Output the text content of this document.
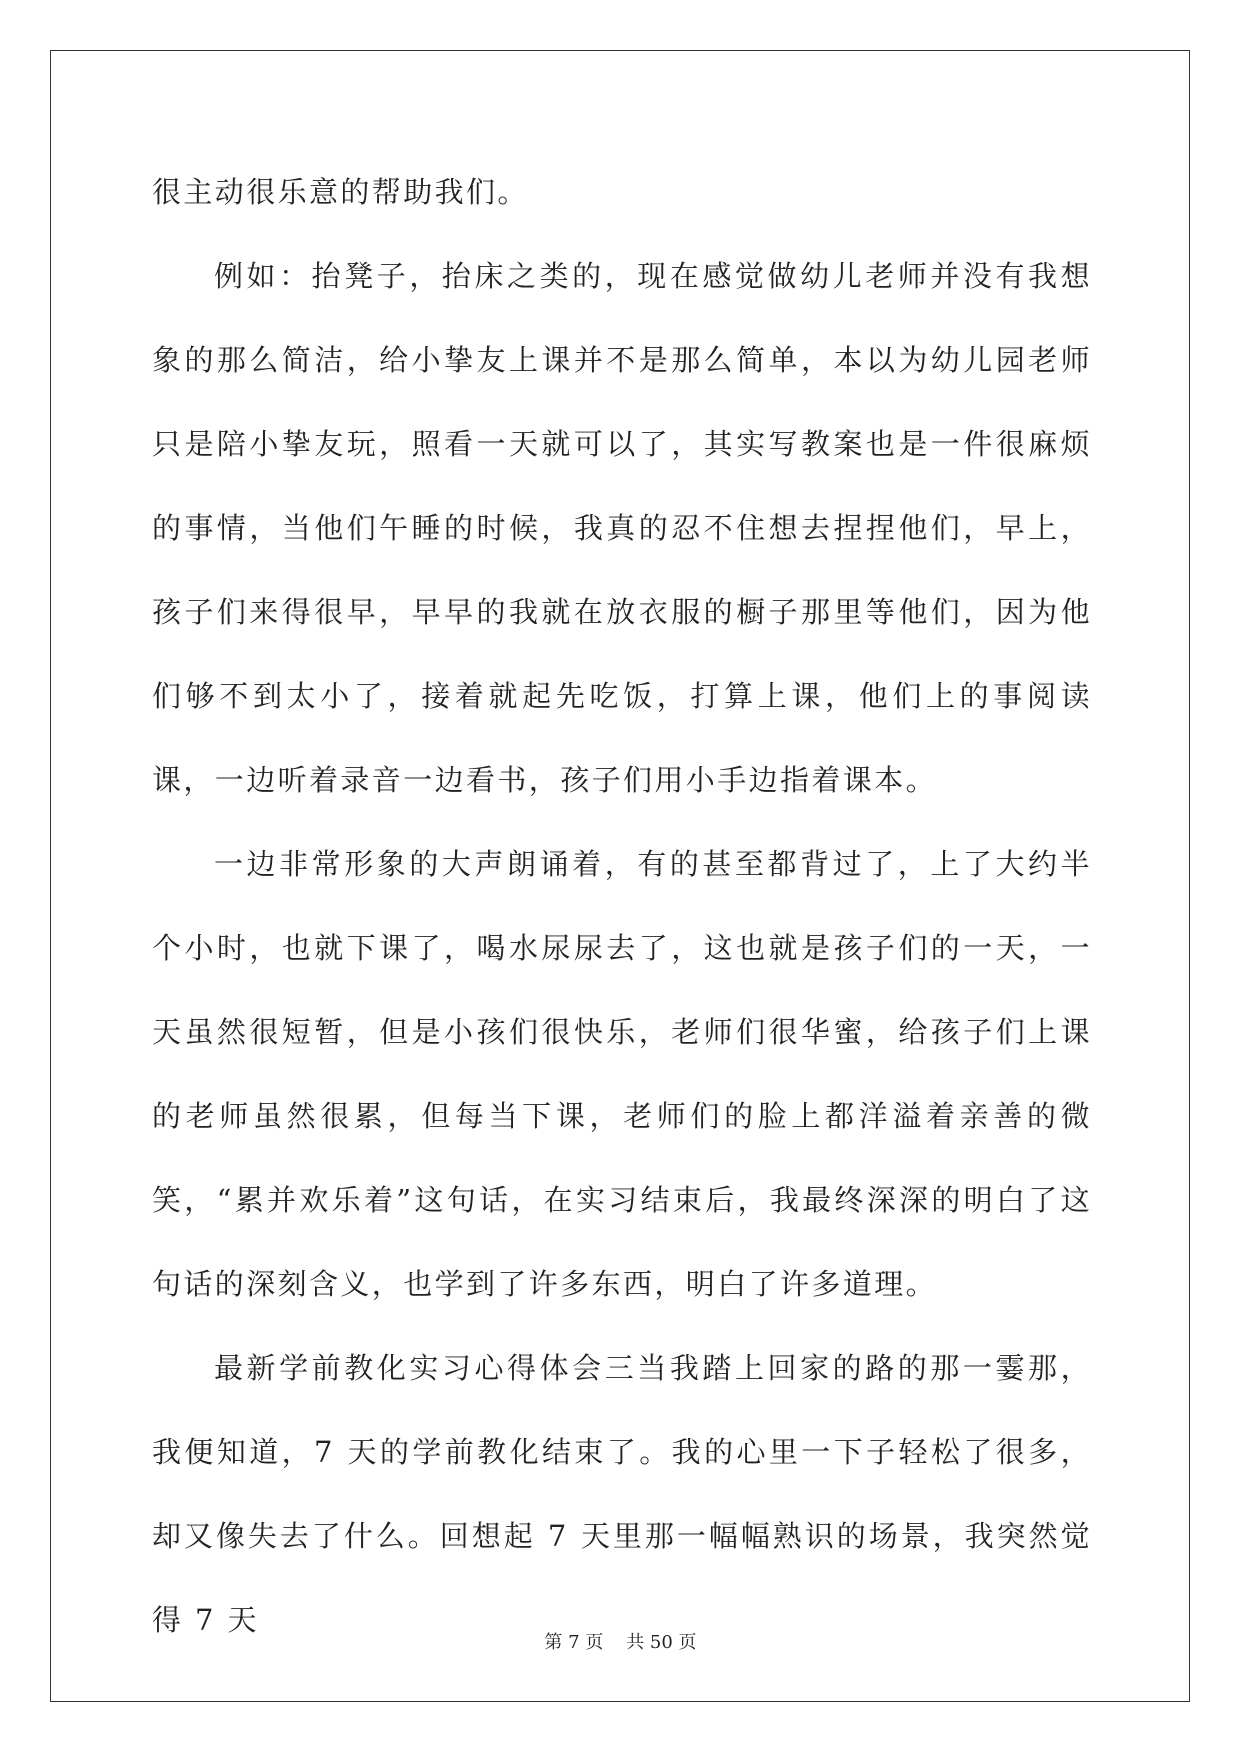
很主动很乐意的帮助我们。

例如：抬凳子，抬床之类的，现在感觉做幼儿老师并没有我想象的那么简洁，给小挚友上课并不是那么简单，本以为幼儿园老师只是陪小挚友玩，照看一天就可以了，其实写教案也是一件很麻烦的事情，当他们午睡的时候，我真的忍不住想去捏捏他们，早上，孩子们来得很早，早早的我就在放衣服的橱子那里等他们，因为他们够不到太小了，接着就起先吃饭，打算上课，他们上的事阅读课，一边听着录音一边看书，孩子们用小手边指着课本。

一边非常形象的大声朗诵着，有的甚至都背过了，上了大约半个小时，也就下课了，喝水尿尿去了，这也就是孩子们的一天，一天虽然很短暂，但是小孩们很快乐，老师们很华蜜，给孩子们上课的老师虽然很累，但每当下课，老师们的脸上都洋溢着亲善的微笑，“累并欢乐着”这句话，在实习结束后，我最终深深的明白了这句话的深刻含义，也学到了许多东西，明白了许多道理。

最新学前教化实习心得体会三当我踏上回家的路的那一霎那，我便知道，7 天的学前教化结束了。我的心里一下子轻松了很多，却又像失去了什么。回想起 7 天里那一幅幅熟识的场景，我突然觉得 7 天

第 7 页    共 50 页
